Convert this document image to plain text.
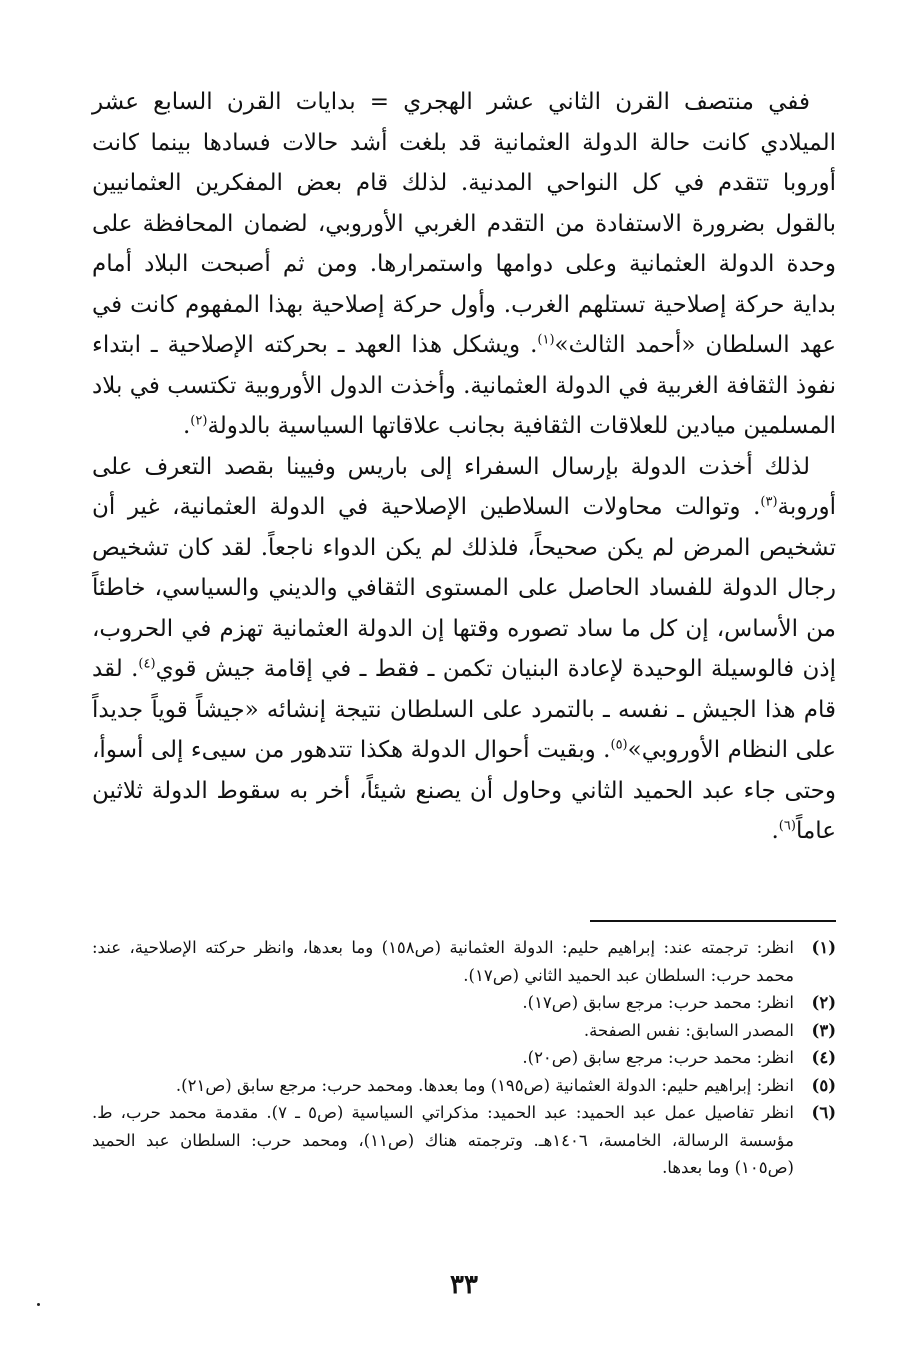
ففي منتصف القرن الثاني عشر الهجري = بدايات القرن السابع عشر الميلادي كانت حالة الدولة العثمانية قد بلغت أشد حالات فسادها بينما كانت أوروبا تتقدم في كل النواحي المدنية. لذلك قام بعض المفكرين العثمانيين بالقول بضرورة الاستفادة من التقدم الغربي الأوروبي، لضمان المحافظة على وحدة الدولة العثمانية وعلى دوامها واستمرارها. ومن ثم أصبحت البلاد أمام بداية حركة إصلاحية تستلهم الغرب. وأول حركة إصلاحية بهذا المفهوم كانت في عهد السلطان «أحمد الثالث»$^{(١)}$. ويشكل هذا العهد ـ بحركته الإصلاحية ـ ابتداء نفوذ الثقافة الغربية في الدولة العثمانية. وأخذت الدول الأوروبية تكتسب في بلاد المسلمين ميادين للعلاقات الثقافية بجانب علاقاتها السياسية بالدولة$^{(٢)}$.

لذلك أخذت الدولة بإرسال السفراء إلى باريس وفيينا بقصد التعرف على أوروبة$^{(٣)}$. وتوالت محاولات السلاطين الإصلاحية في الدولة العثمانية، غير أن تشخيص المرض لم يكن صحيحاً، فلذلك لم يكن الدواء ناجعاً. لقد كان تشخيص رجال الدولة للفساد الحاصل على المستوى الثقافي والديني والسياسي، خاطئاً من الأساس، إن كل ما ساد تصوره وقتها إن الدولة العثمانية تهزم في الحروب، إذن فالوسيلة الوحيدة لإعادة البنيان تكمن ـ فقط ـ في إقامة جيش قوي$^{(٤)}$. لقد قام هذا الجيش ـ نفسه ـ بالتمرد على السلطان نتيجة إنشائه «جيشاً قوياً جديداً على النظام الأوروبي»$^{(٥)}$. وبقيت أحوال الدولة هكذا تتدهور من سيىء إلى أسوأ، وحتى جاء عبد الحميد الثاني وحاول أن يصنع شيئاً، أخر به سقوط الدولة ثلاثين عاماً$^{(٦)}$.

(١)
انظر: ترجمته عند: إبراهيم حليم: الدولة العثمانية (ص١٥٨) وما بعدها، وانظر حركته الإصلاحية، عند: محمد حرب: السلطان عبد الحميد الثاني (ص١٧).
(٢)
انظر: محمد حرب: مرجع سابق (ص١٧).
(٣)
المصدر السابق: نفس الصفحة.
(٤)
انظر: محمد حرب: مرجع سابق (ص٢٠).
(٥)
انظر: إبراهيم حليم: الدولة العثمانية (ص١٩٥) وما بعدها. ومحمد حرب: مرجع سابق (ص٢١).
(٦)
انظر تفاصيل عمل عبد الحميد: عبد الحميد: مذكراتي السياسية (ص٥ ـ ٧). مقدمة محمد حرب، ط. مؤسسة الرسالة، الخامسة، ١٤٠٦هـ. وترجمته هناك (ص١١)، ومحمد حرب: السلطان عبد الحميد (ص١٠٥) وما بعدها.
٣٣
